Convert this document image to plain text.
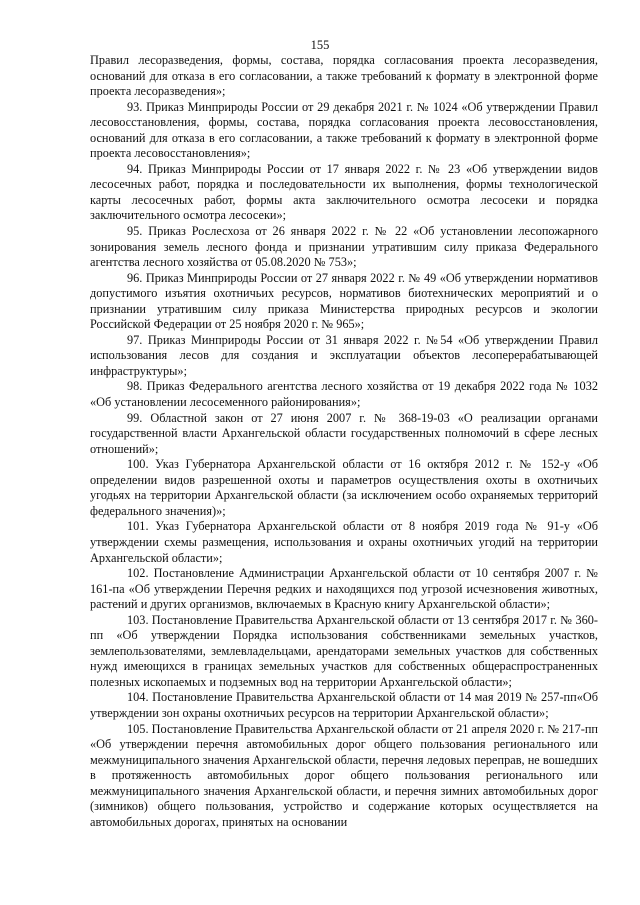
155

Правил лесоразведения, формы, состава, порядка согласования проекта лесоразведения, оснований для отказа в его согласовании, а также требований к формату в электронной форме проекта лесоразведения»;

93. Приказ Минприроды России от 29 декабря 2021 г. № 1024 «Об утверждении Правил лесовосстановления, формы, состава, порядка согласования проекта лесовосстановления, оснований для отказа в его согласовании, а также требований к формату в электронной форме проекта лесовосстановления»;

94. Приказ Минприроды России от 17 января 2022 г. № 23 «Об утверждении видов лесосечных работ, порядка и последовательности их выполнения, формы технологической карты лесосечных работ, формы акта заключительного осмотра лесосеки и порядка заключительного осмотра лесосеки»;

95. Приказ Рослесхоза от 26 января 2022 г. № 22 «Об установлении лесопожарного зонирования земель лесного фонда и признании утратившим силу приказа Федерального агентства лесного хозяйства от 05.08.2020 № 753»;

96. Приказ Минприроды России от 27 января 2022 г. № 49 «Об утверждении нормативов допустимого изъятия охотничьих ресурсов, нормативов биотехнических мероприятий и о признании утратившим силу приказа Министерства природных ресурсов и экологии Российской Федерации от 25 ноября 2020 г. № 965»;

97. Приказ Минприроды России от 31 января 2022 г. №54 «Об утверждении Правил использования лесов для создания и эксплуатации объектов лесоперерабатывающей инфраструктуры»;

98. Приказ Федерального агентства лесного хозяйства от 19 декабря 2022 года № 1032 «Об установлении лесосеменного районирования»;

99. Областной закон от 27 июня 2007 г. № 368-19-03 «О реализации органами государственной власти Архангельской области государственных полномочий в сфере лесных отношений»;

100. Указ Губернатора Архангельской области от 16 октября 2012 г. № 152-у «Об определении видов разрешенной охоты и параметров осуществления охоты в охотничьих угодьях на территории Архангельской области (за исключением особо охраняемых территорий федерального значения)»;

101. Указ Губернатора Архангельской области от 8 ноября 2019 года № 91-у «Об утверждении схемы размещения, использования и охраны охотничьих угодий на территории Архангельской области»;

102. Постановление Администрации Архангельской области от 10 сентября 2007 г. № 161-па «Об утверждении Перечня редких и находящихся под угрозой исчезновения животных, растений и других организмов, включаемых в Красную книгу Архангельской области»;

103. Постановление Правительства Архангельской области от 13 сентября 2017 г. № 360-пп «Об утверждении Порядка использования собственниками земельных участков, землепользователями, землевладельцами, арендаторами земельных участков для собственных нужд имеющихся в границах земельных участков для собственных общераспространенных полезных ископаемых и подземных вод на территории Архангельской области»;

104. Постановление Правительства Архангельской области от 14 мая 2019 № 257-пп«Об утверждении зон охраны охотничьих ресурсов на территории Архангельской области»;

105. Постановление Правительства Архангельской области от 21 апреля 2020 г. № 217-пп «Об утверждении перечня автомобильных дорог общего пользования регионального или межмуниципального значения Архангельской области, перечня ледовых переправ, не вошедших в протяженность автомобильных дорог общего пользования регионального или межмуниципального значения Архангельской области, и перечня зимних автомобильных дорог (зимников) общего пользования, устройство и содержание которых осуществляется на автомобильных дорогах, принятых на основании
